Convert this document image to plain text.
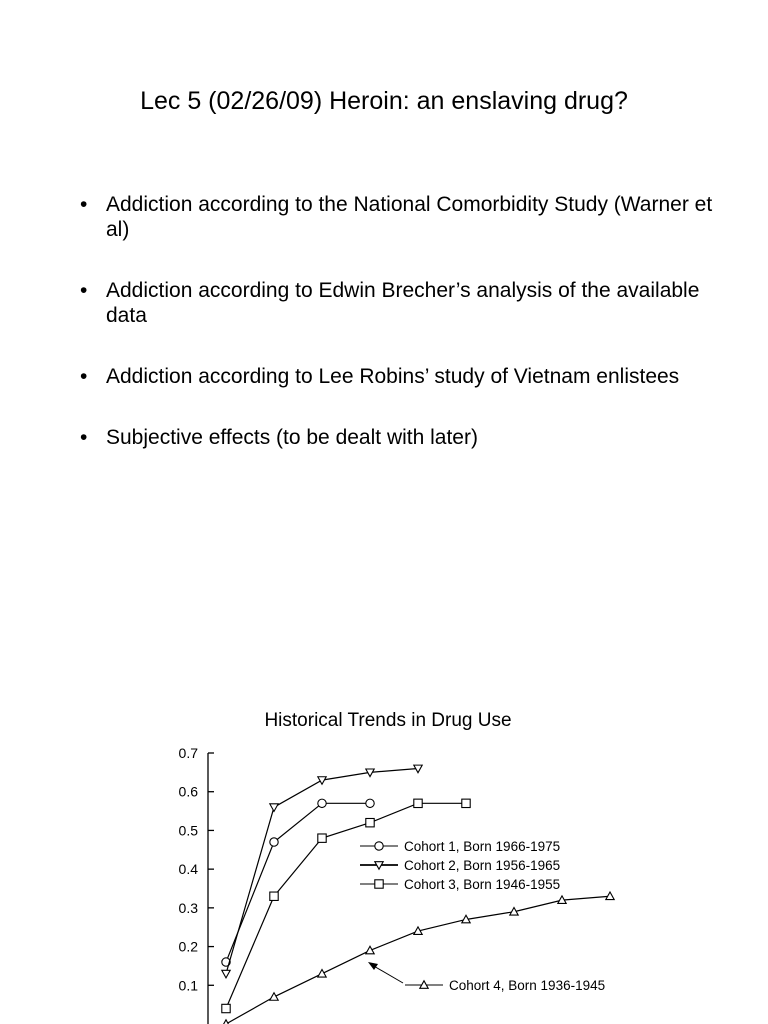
Lec 5 (02/26/09) Heroin: an enslaving drug?
• Addiction according to the National Comorbidity Study (Warner et al)
• Addiction according to Edwin Brecher’s analysis of the available data
• Addiction according to Lee Robins’ study of Vietnam enlistees
• Subjective effects (to be dealt with later)
Historical Trends in Drug Use
0.7
0.6
0.5
0.4
0.3
0.2
0.1
Cohort 1, Born 1966-1975
Cohort 2, Born 1956-1965
Cohort 3, Born 1946-1955
Cohort 4, Born 1936-1945
